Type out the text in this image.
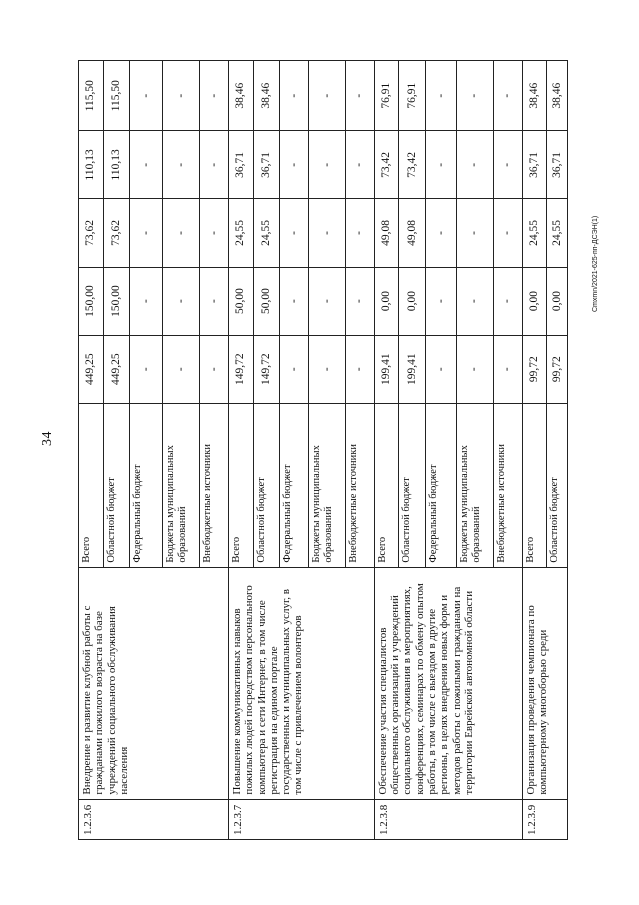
34
Cmxmn/2021-625-пп-ДСЭН(1)
1.2.3.6	Внедрение и развитие клубной работы с гражданами пожилого возраста на базе учреждений социального обслуживания населения	Всего	449,25	150,00	73,62	110,13	115,50
		Областной бюджет	449,25	150,00	73,62	110,13	115,50
		Федеральный бюджет	-	-	-	-	-
		Бюджеты муниципальных образований	-	-	-	-	-
		Внебюджетные источники	-	-	-	-	-
1.2.3.7	Повышение коммуникативных навыков пожилых людей посредством персонального компьютера и сети Интернет, в том числе регистрация на едином портале государственных и муниципальных услуг, в том числе с привлечением волонтеров	Всего	149,72	50,00	24,55	36,71	38,46
		Областной бюджет	149,72	50,00	24,55	36,71	38,46
		Федеральный бюджет	-	-	-	-	-
		Бюджеты муниципальных образований	-	-	-	-	-
		Внебюджетные источники	-	-	-	-	-
1.2.3.8	Обеспечение участия специалистов общественных организаций и учреждений социального обслуживания в мероприятиях, конференциях, семинарах по обмену опытом работы, в том числе с выездом в другие регионы, в целях внедрения новых форм и методов работы с пожилыми гражданами на территории Еврейской автономной области	Всего	199,41	0,00	49,08	73,42	76,91
		Областной бюджет	199,41	0,00	49,08	73,42	76,91
		Федеральный бюджет	-	-	-	-	-
		Бюджеты муниципальных образований	-	-	-	-	-
		Внебюджетные источники	-	-	-	-	-
1.2.3.9	Организация проведения чемпионата по компьютерному многоборью среди	Всего	99,72	0,00	24,55	36,71	38,46
		Областной бюджет	99,72	0,00	24,55	36,71	38,46
